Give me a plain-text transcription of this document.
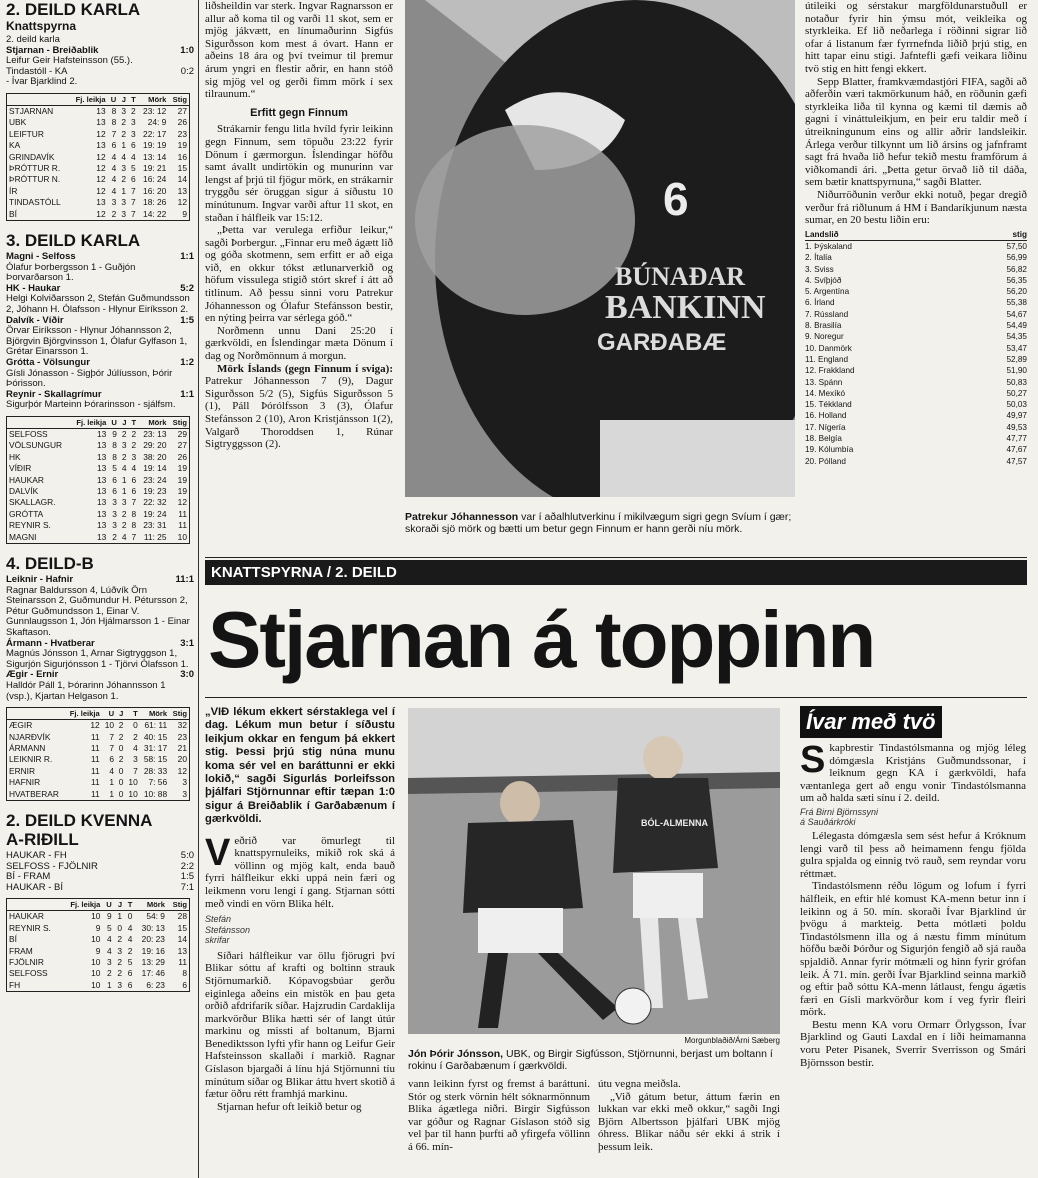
2. DEILD KARLA
Knattspyrna
2. deild karla
Stjarnan - Breiðablik	1:0
Leifur Geir Hafsteinsson (55.).
Tindastóll - KA	0:2
- Ívar Bjarklind 2.
	Fj. leikja	U	J	T	Mörk	Stig
STJARNAN	13	8	3	2	23: 12	27
UBK	13	8	2	3	24: 9	26
LEIFTUR	12	7	2	3	22: 17	23
KA	13	6	1	6	19: 19	19
GRINDAVÍK	12	4	4	4	13: 14	16
ÞRÓTTUR R.	12	4	3	5	19: 21	15
ÞRÓTTUR N.	12	4	2	6	16: 24	14
ÍR	12	4	1	7	16: 20	13
TINDASTÓLL	13	3	3	7	18: 26	12
BÍ	12	2	3	7	14: 22	9
3. DEILD KARLA
Magni - Selfoss	1:1
Ólafur Þorbergsson 1 - Guðjón Þorvarðarson 1.
HK - Haukar	5:2
Helgi Kolviðarsson 2, Stefán Guðmundsson 2, Jóhann H. Ólafsson - Hlynur Eiríksson 2.
Dalvík - Víðir	1:5
Örvar Eiríksson - Hlynur Jóhannsson 2, Björgvin Björgvinsson 1, Ólafur Gylfason 1, Grétar Einarsson 1.
Grótta - Völsungur	1:2
Gísli Jónasson - Sigþór Júlíusson, Þórir Þórisson.
Reynir - Skallagrímur	1:1
Sigurþór Marteinn Þórarinsson - sjálfsm.
	Fj. leikja	U	J	T	Mörk	Stig
SELFOSS	13	9	2	2	23: 13	29
VÖLSUNGUR	13	8	3	2	29: 20	27
HK	13	8	2	3	38: 20	26
VÍÐIR	13	5	4	4	19: 14	19
HAUKAR	13	6	1	6	23: 24	19
DALVÍK	13	6	1	6	19: 23	19
SKALLAGR.	13	3	3	7	22: 32	12
GRÓTTA	13	3	2	8	19: 24	11
REYNIR S.	13	3	2	8	23: 31	11
MAGNI	13	2	4	7	11: 25	10
4. DEILD-B
Leiknir - Hafnir	11:1
Ragnar Baldursson 4, Lúðvík Örn Steinarsson 2, Guðmundur H. Pétursson 2, Pétur Guðmundsson 1, Einar V. Gunnlaugsson 1, Jón Hjálmarsson 1 - Einar Skaftason.
Ármann - Hvatberar	3:1
Magnús Jónsson 1, Arnar Sigtryggson 1, Sigurjón Sigurjónsson 1 - Tjörvi Ólafsson 1.
Ægir - Ernir	3:0
Halldór Páll 1, Þórarinn Jóhannsson 1 (vsp.), Kjartan Helgason 1.
	Fj. leikja	U	J	T	Mörk	Stig
ÆGIR	12	10	2	0	61: 11	32
NJARÐVÍK	11	7	2	2	40: 15	23
ÁRMANN	11	7	0	4	31: 17	21
LEIKNIR R.	11	6	2	3	58: 15	20
ERNIR	11	4	0	7	28: 33	12
HAFNIR	11	1	0	10	7: 56	3
HVATBERAR	11	1	0	10	10: 88	3
2. DEILD KVENNA
A-RIÐILL
HAUKAR - FH	5:0
SELFOSS - FJÖLNIR	2:2
BÍ - FRAM	1:5
HAUKAR - BÍ	7:1
	Fj. leikja	U	J	T	Mörk	Stig
HAUKAR	10	9	1	0	54: 9	28
REYNIR S.	9	5	0	4	30: 13	15
BÍ	10	4	2	4	20: 23	14
FRAM	9	4	3	2	19: 16	13
FJÖLNIR	10	3	2	5	13: 29	11
SELFOSS	10	2	2	6	17: 46	8
FH	10	1	3	6	6: 23	6

liðsheildin var sterk. Ingvar Ragnarsson er allur að koma til og varði 11 skot, sem er mjög jákvætt, en línumaðurinn Sigfús Sigurðsson kom mest á óvart. Hann er aðeins 18 ára og því tveimur til þremur árum yngri en flestir aðrir, en hann stóð sig mjög vel og gerði fimm mörk í sex tilraunum.“

Erfitt gegn Finnum

Strákarnir fengu litla hvíld fyrir leikinn gegn Finnum, sem töpuðu 23:22 fyrir Dönum í gærmorgun. Íslendingar höfðu samt ávallt undirtökin og munurinn var lengst af þrjú til fjögur mörk, en strákarnir tryggðu sér öruggan sigur á síðustu 10 mínútunum. Ingvar varði aftur 11 skot, en staðan í hálfleik var 15:12.

„Þetta var verulega erfiður leikur,“ sagði Þorbergur. „Finnar eru með ágætt lið og góða skotmenn, sem erfitt er að eiga við, en okkur tókst ætlunarverkið og höfum vissulega stigið stórt skref í átt að titlinum. Að þessu sinni voru Patrekur Jóhannesson og Ólafur Stefánsson bestir, en nýting þeirra var sérlega góð.“

Norðmenn unnu Dani 25:20 í gærkvöldi, en Íslendingar mæta Dönum í dag og Norðmönnum á morgun.

Mörk Íslands (gegn Finnum í svigа): Patrekur Jóhannesson 7 (9), Dagur Sigurðsson 5/2 (5), Sigfús Sigurðsson 5 (1), Páll Þórólfsson 3 (3), Ólafur Stefánsson 2 (10), Aron Kristjánsson 1(2), Valgarð Thoroddsen 1, Rúnar Sigtryggsson (2).

6
BÚNAÐAR
BANKINN
GARÐABÆ
Patrekur Jóhannesson var í aðalhlutverkinu í mikilvægum sigri gegn Svíum í gær; skoraði sjö mörk og bætti um betur gegn Finnum er hann gerði níu mörk.

útileiki og sérstakur margföldunarstuðull er notaður fyrir hin ýmsu mót, veikleika og styrkleika. Ef lið neðarlega í röðinni sigrar lið ofar á listanum fær fyrrnefnda liðið þrjú stig, en hitt tapar einu stigi. Jafntefli gæfi veikara liðinu tvö stig en hitt fengi ekkert.

Sepp Blatter, framkvæmdastjóri FIFA, sagði að aðferðin væri takmörkunum háð, en röðunin gæfi styrkleika liða til kynna og kæmi til dæmis að gagni í vináttuleikjum, en þeir eru taldir með í útreikningunum eins og allir aðrir landsleikir. Árlega verður tilkynnt um lið ársins og jafnframt sagt frá hvaða lið hefur tekið mestu framförum á viðkomandi ári. „Þetta getur örvað lið til dáða, sem bætir knattspyrnuna,“ sagði Blatter.

Niðurröðunin verður ekki notuð, þegar dregið verður frá riðlunum á HM í Bandaríkjunum næsta sumar, en 20 bestu liðin eru:

Landslið	stig
1. Þýskaland	57,50
2. Ítalía	56,99
3. Sviss	56,82
4. Svíþjóð	56,35
5. Argentína	56,20
6. Írland	55,38
7. Rússland	54,67
8. Brasilía	54,49
9. Noregur	54,35
10. Danmörk	53,47
11. England	52,89
12. Frakkland	51,90
13. Spánn	50,83
14. Mexíkó	50,27
15. Tékkland	50,03
16. Holland	49,97
17. Nígería	49,53
18. Belgía	47,77
19. Kólumbía	47,67
20. Pólland	47,57
KNATTSPYRNA / 2. DEILD
Stjarnan á toppinn

„VIÐ lékum ekkert sérstaklega vel í dag. Lékum mun betur í síðustu leikjum okkar en fengum þá ekkert stig. Þessi þrjú stig núna munu koma sér vel en baráttunni er ekki lokið,“ sagði Sigurlás Þorleifsson þjálfari Stjörnunnar eftir tæpan 1:0 sigur á Breiðablik í Garðabænum í gærkvöldi.

V eðrið var ömurlegt til knattspyrnuleiks, mikið rok ská á völlinn og mjög kalt, enda bauð fyrri hálfleikur ekki uppá nein færi og leikmenn voru lengi í gang. Stjarnan sótti með vindi en vörn Blika hélt.

Stefán Stefánsson skrifar

Síðari hálfleikur var öllu fjörugri því Blikar sóttu af krafti og boltinn strauk Stjörnumarkið. Kópavogsbúar gerðu eiginlega aðeins ein mistök en þau geta orðið afdrifarík síðar. Hajzrudin Cardaklija markvörður Blika hætti sér of langt útúr markinu og missti af boltanum, Bjarni Benediktsson lyfti yfir hann og Leifur Geir Hafsteinsson skallaði í markið. Ragnar Gíslason bjargaði á línu hjá Stjörnunni tíu mínútum síðar og Blikar áttu hvert skotið á fætur öðru rétt framhjá markinu.

Stjarnan hefur oft leikið betur og

BÓL-ALMENNA
Morgunblaðið/Árni Sæberg
Jón Þórir Jónsson, UBK, og Birgir Sigfússon, Stjörnunni, berjast um boltann í rokinu í Garðabænum í gærkvöldi.

vann leikinn fyrst og fremst á baráttuni. Stór og sterk vörnin hélt sóknarmönnum Blika ágætlega niðri. Birgir Sigfússon var góður og Ragnar Gíslason stóð sig vel þar til hann þurfti að yfirgefa völlinn á 66. mín-

útu vegna meiðsla.

„Við gátum betur, áttum færin en lukkan var ekki með okkur,“ sagði Ingi Björn Albertsson þjálfari UBK mjög óhress. Blikar náðu sér ekki á strik í þessum leik.

Ívar með tvö
S kapbrestir Tindastólsmanna og mjög léleg dómgæsla Kristjáns Guðmundssonar, í leiknum gegn KA í gærkvöldi, hafa væntanlega gert að engu vonir Tindastólsmanna um að halda sæti sínu í 2. deild.

Frá Birni Björnssyni á Sauðárkróki

Lélegasta dómgæsla sem sést hefur á Króknum lengi varð til þess að heimamenn fengu fjölda gulra spjalda og einnig tvö rauð, sem reyndar voru réttmæt.

Tindastólsmenn réðu lögum og lofum í fyrri hálfleik, en eftir hlé komust KA-menn betur inn í leikinn og á 50. mín. skoraði Ívar Bjarklind úr þvögu á markteig. Þetta mótlæti þoldu Tindastólsmenn illa og á næstu fimm mínútum höfðu bæði Þórður og Sigurjón fengið að sjá rauða spjaldið. Annar fyrir mótmæli og hinn fyrir grófan leik. Á 71. mín. gerði Ívar Bjarklind seinna markið og eftir það sóttu KA-menn látlaust, fengu ágætis færi en Gísli markvörður kom í veg fyrir fleiri mörk.

Bestu menn KA voru Ormarr Örlygsson, Ívar Bjarklind og Gauti Laxdal en í liði heimamanna voru Peter Pisanek, Sverrir Sverrisson og Smári Björnsson bestir.
